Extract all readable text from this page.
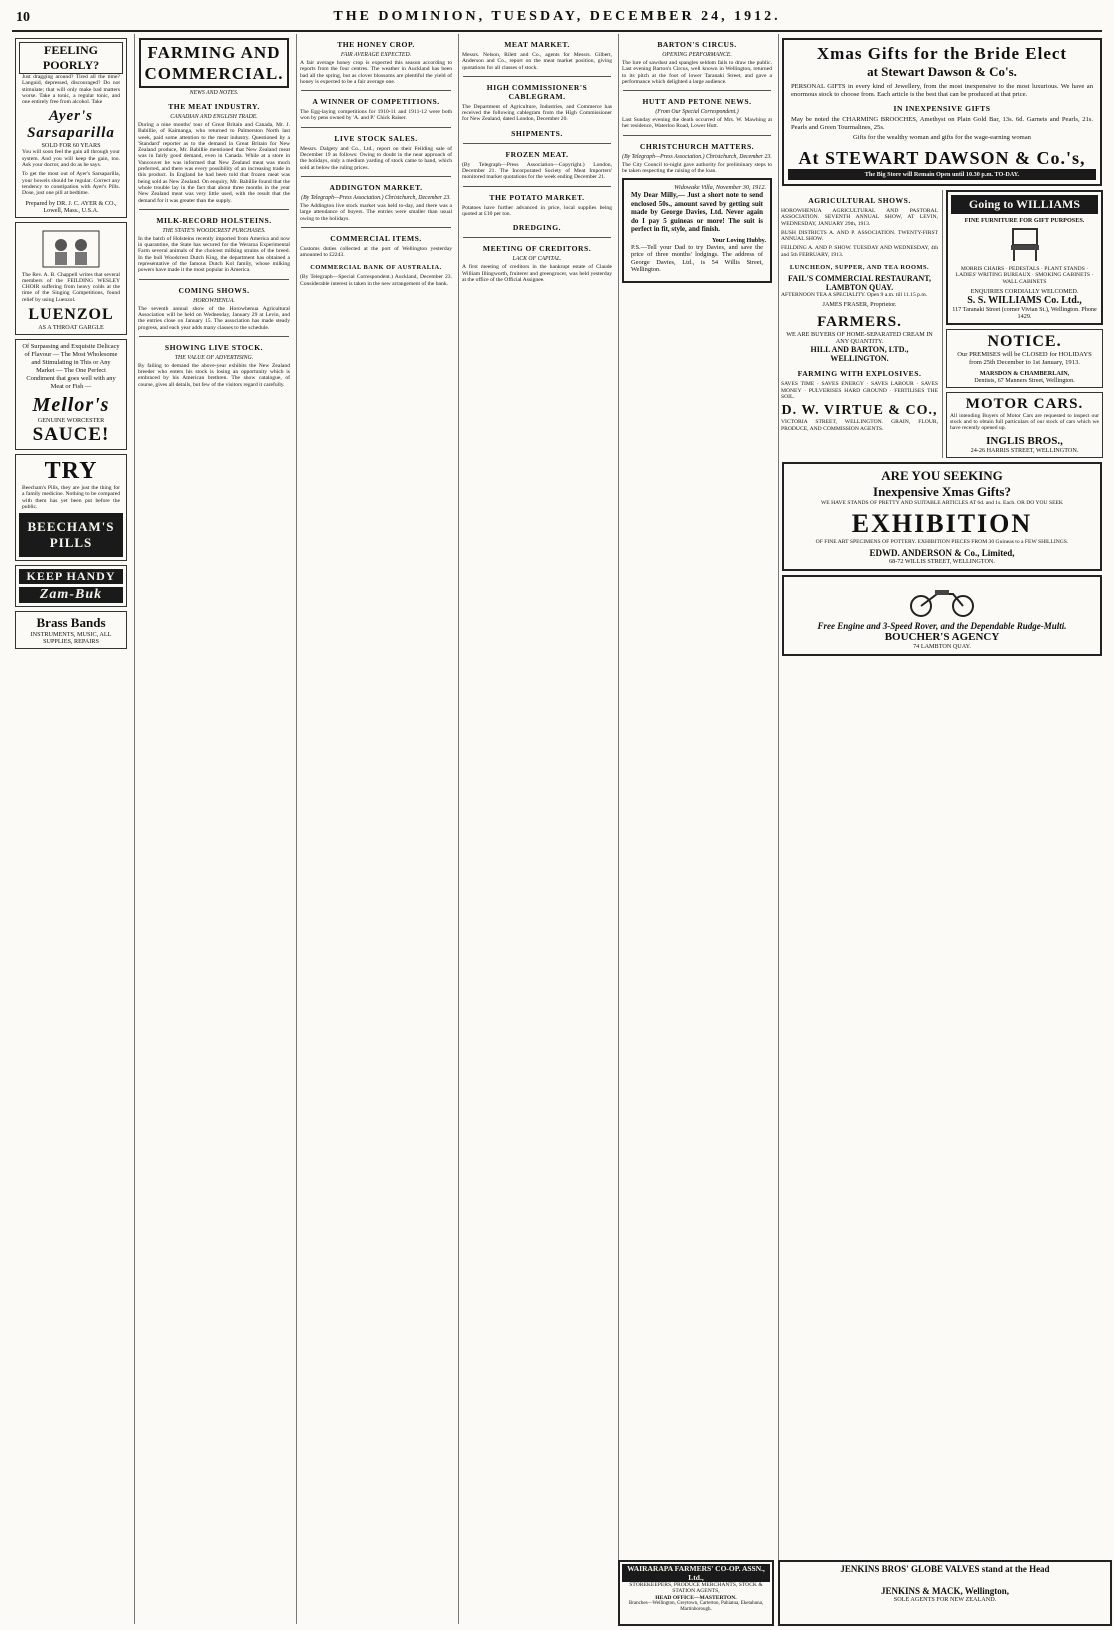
10	THE DOMINION, TUESDAY, DECEMBER 24, 1912.
FEELING POORLY?

Just dragging around? Tired all the time? Languid, depressed, discouraged? Do not stimulate; that will only make bad matters worse. Take a tonic, a regular tonic, and one entirely free from alcohol. Take

Ayer's Sarsaparilla
SOLD FOR 60 YEARS

You will soon feel the gain all through your system. And you will keep the gain, too. Ask your doctor, and do as he says.

To get the most out of Ayer's Sarsaparilla, your bowels should be regular. Correct any tendency to constipation with Ayer's Pills. Dose, just one pill at bedtime.

Prepared by DR. J. C. AYER & CO., Lowell, Mass., U.S.A.

The Rev. A. B. Chappell writes that several members of the FEILDING WESLEY CHOIR suffering from heavy colds at the time of the Singing Competitions, found relief by using Luenzol.

LUENZOL
AS A THROAT GARGLE

Of Surpassing and Exquisite Delicacy of Flavour — The Most Wholesome and Stimulating in This or Any Market — The One Perfect Condiment that goes well with any Meat or Fish —

Mellor's
GENUINE WORCESTER
SAUCE!
TRY

Beecham's Pills, they are just the thing for a family medicine. Nothing to be compared with them has yet been put before the public.

BEECHAM'S PILLS
KEEP HANDY
Zam-Buk
Brass Bands
INSTRUMENTS, MUSIC, ALL SUPPLIES, REPAIRS
FARMING AND COMMERCIAL.
NEWS AND NOTES.
THE MEAT INDUSTRY.
CANADIAN AND ENGLISH TRADE.

During a nine months' tour of Great Britain and Canada, Mr. J. Babillie, of Kaimanga, who returned to Palmerston North last week, paid some attention to the meat industry. Questioned by a 'Standard' reporter as to the demand in Great Britain for New Zealand produce, Mr. Babillie mentioned that New Zealand meat was in fairly good demand, even in Canada. While at a store in Vancouver he was informed that New Zealand meat was much preferred, and there was every possibility of an increasing trade in this product. In England he had been told that frozen meat was being sold as New Zealand. On enquiry, Mr. Babillie found that the whole trouble lay in the fact that about three months in the year New Zealand meat was very little used, with the result that the demand for it was greater than the supply.

MILK-RECORD HOLSTEINS.
THE STATE'S WOODCREST PURCHASES.

In the batch of Holsteins recently imported from America and now in quarantine, the State has secured for the Weraroa Experimental Farm several animals of the choicest milking strains of the breed. In the bull Woodcrest Dutch King, the department has obtained a representative of the famous Dutch Kol family, whose milking powers have made it the most popular in America.

COMING SHOWS.
HOROWHENUA.

The seventh annual show of the Horowhenua Agricultural Association will be held on Wednesday, January 29 at Levin, and the entries close on January 15. The association has made steady progress, and each year adds many classes to the schedule.

SHOWING LIVE STOCK.
THE VALUE OF ADVERTISING.

By failing to demand the above-year exhibits the New Zealand breeder who enters his stock is losing an opportunity which is embraced by his American brethren. The show catalogue, of course, gives all details, but few of the visitors regard it carefully.

THE HONEY CROP.
FAIR AVERAGE EXPECTED.

A fair average honey crop is expected this season according to reports from the four centres. The weather in Auckland has been bad all the spring, but as clover blossoms are plentiful the yield of honey is expected to be a fair average one.

A WINNER OF COMPETITIONS.

The Egg-laying competitions for 1910-11 and 1911-12 were both won by pens owned by 'A. and P.' Chick Raiser.

LIVE STOCK SALES.

Messrs. Dalgety and Co., Ltd., report on their Feilding sale of December 19 as follows: Owing to doubt in the near approach of the holidays, only a medium yarding of stock came to hand, which sold at below the ruling prices.

ADDINGTON MARKET.
(By Telegraph—Press Association.) Christchurch, December 23.

The Addington live stock market was held to-day, and there was a large attendance of buyers. The entries were smaller than usual owing to the holidays.

COMMERCIAL ITEMS.

Customs duties collected at the port of Wellington yesterday amounted to £2243.

COMMERCIAL BANK OF AUSTRALIA.

(By Telegraph—Special Correspondent.) Auckland, December 23. Considerable interest is taken in the new arrangement of the bank.

MEAT MARKET.

Messrs. Nelson, Rilett and Co., agents for Messrs. Gilbert, Anderson and Co., report on the meat market position, giving quotations for all classes of stock.

HIGH COMMISSIONER'S CABLEGRAM.

The Department of Agriculture, Industries, and Commerce has received the following cablegram from the High Commissioner for New Zealand, dated London, December 20.

SHIPMENTS.
FROZEN MEAT.

(By Telegraph—Press Association—Copyright.) London, December 21. The Incorporated Society of Meat Importers' monitored market quotations for the week ending December 21.

THE POTATO MARKET.

Potatoes have further advanced in price, local supplies being quoted at £10 per ton.

DREDGING.
MEETING OF CREDITORS.
LACK OF CAPITAL.

A first meeting of creditors in the bankrupt estate of Claude William Illingworth, fruiterer and greengrocer, was held yesterday at the office of the Official Assignee.

BARTON'S CIRCUS.
OPENING PERFORMANCE.

The lure of sawdust and spangles seldom fails to draw the public. Last evening Barton's Circus, well known in Wellington, returned to its pitch at the foot of lower Taranaki Street, and gave a performance which delighted a large audience.

HUTT AND PETONE NEWS.
(From Our Special Correspondent.)

Last Sunday evening the death occurred of Mrs. W. Mawhing at her residence, Waterloo Road, Lower Hutt.

CHRISTCHURCH MATTERS.
(By Telegraph—Press Association.) Christchurch, December 23.

The City Council to-night gave authority for preliminary steps to be taken respecting the raising of the loan.

Widowake Villa, November 30, 1912.

My Dear Milly,— Just a short note to send enclosed 50s., amount saved by getting suit made by George Davies, Ltd. Never again do I pay 5 guineas or more! The suit is perfect in fit, style, and finish.

Your Loving Hubby.

P.S.—Tell your Dad to try Davies, and save the price of three months' lodgings. The address of George Davies, Ltd., is 54 Willis Street, Wellington.

Xmas Gifts for the Bride Elect
at Stewart Dawson & Co's.

PERSONAL GIFTS in every kind of Jewellery, from the most inexpensive to the most luxurious. We have an enormous stock to choose from. Each article is the best that can be produced at that price.

IN INEXPENSIVE GIFTS

May be noted the CHARMING BROOCHES, Amethyst on Plain Gold Bar, 13s. 6d. Garnets and Pearls, 21s. Pearls and Green Tourmalines, 25s.

Gifts for the wealthy woman and gifts for the wage-earning woman

At STEWART DAWSON & Co.'s,
The Big Store will Remain Open until 10.30 p.m. TO-DAY.
AGRICULTURAL SHOWS.

HOROWHENUA AGRICULTURAL AND PASTORAL ASSOCIATION. SEVENTH ANNUAL SHOW, AT LEVIN, WEDNESDAY, JANUARY 29th, 1913.

BUSH DISTRICTS A. AND P. ASSOCIATION. TWENTY-FIRST ANNUAL SHOW.

FEILDING A. AND P. SHOW. TUESDAY AND WEDNESDAY, 4th and 5th FEBRUARY, 1913.

LUNCHEON, SUPPER, AND TEA ROOMS.
FAIL'S COMMERCIAL RESTAURANT, LAMBTON QUAY.

AFTERNOON TEA A SPECIALITY. Open 9 a.m. till 11.15 p.m.

JAMES FRASER, Proprietor.
FARMERS.
WE ARE BUYERS OF HOME-SEPARATED CREAM IN ANY QUANTITY.
HILL AND BARTON, LTD., WELLINGTON.
FARMING WITH EXPLOSIVES.

SAVES TIME · SAVES ENERGY · SAVES LABOUR · SAVES MONEY · PULVERISES HARD GROUND · FERTILISES THE SOIL.

D. W. VIRTUE & CO.,

VICTORIA STREET, WELLINGTON. GRAIN, FLOUR, PRODUCE, AND COMMISSION AGENTS.

Going to WILLIAMS
FINE FURNITURE FOR GIFT PURPOSES.

MORRIS CHAIRS · PEDESTALS · PLANT STANDS · LADIES' WRITING BUREAUX · SMOKING CABINETS · WALL CABINETS

ENQUIRIES CORDIALLY WELCOMED.
S. S. WILLIAMS Co. Ltd.,
117 Taranaki Street (corner Vivian St.), Wellington. Phone 1429.
NOTICE.

Our PREMISES will be CLOSED for HOLIDAYS from 25th December to 1st January, 1913.

MARSDON & CHAMBERLAIN,
Dentists, 67 Manners Street, Wellington.
MOTOR CARS.

All intending Buyers of Motor Cars are requested to inspect our stock and to obtain full particulars of our stock of cars which we have recently opened up.

INGLIS BROS.,
24-26 HARRIS STREET, WELLINGTON.
ARE YOU SEEKING
Inexpensive Xmas Gifts?

WE HAVE STANDS OF PRETTY AND SUITABLE ARTICLES AT 6d. and 1s. Each. OR DO YOU SEEK

EXHIBITION

OF FINE ART SPECIMENS OF POTTERY. EXHIBITION PIECES FROM 30 Guineas to a FEW SHILLINGS.

EDWD. ANDERSON & Co., Limited,
68-72 WILLIS STREET, WELLINGTON.
Free Engine and 3-Speed Rover, and the Dependable Rudge-Multi.
BOUCHER'S AGENCY
74 LAMBTON QUAY.
JENKINS BROS' GLOBE VALVES stand at the Head
JENKINS & MACK, Wellington,
SOLE AGENTS FOR NEW ZEALAND.
WAIRARAPA FARMERS' CO-OP. ASSN., Ltd.,
STOREKEEPERS, PRODUCE MERCHANTS, STOCK & STATION AGENTS,
HEAD OFFICE—MASTERTON.
Branches—Wellington, Greytown, Carterton, Pahiatua, Eketahuna, Martinborough.
